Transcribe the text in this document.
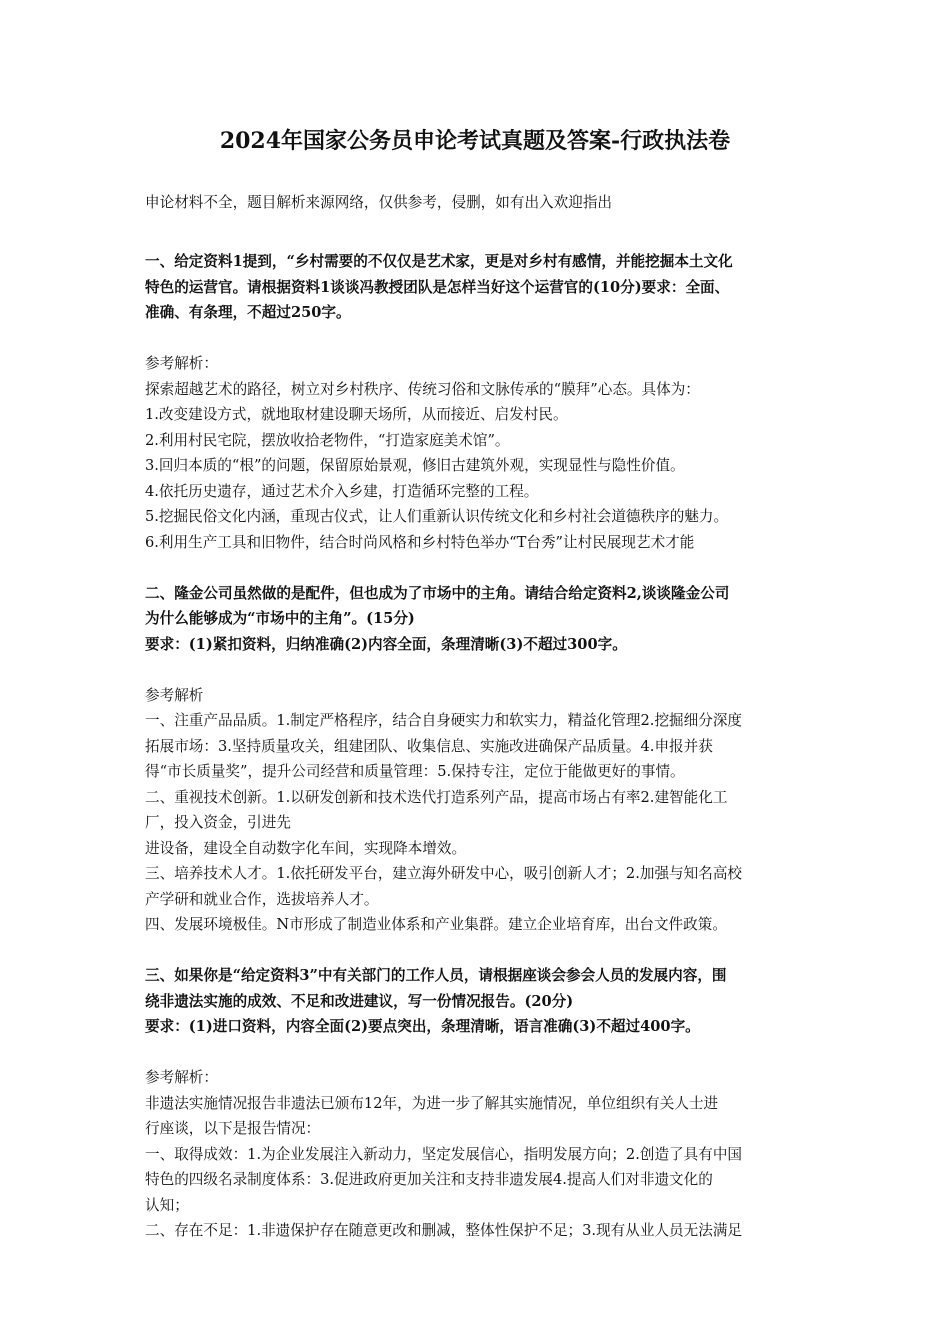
2024年国家公务员申论考试真题及答案-行政执法卷
申论材料不全，题目解析来源网络，仅供参考，侵删，如有出入欢迎指出
一、给定资料1提到，“乡村需要的不仅仅是艺术家，更是对乡村有感情，并能挖掘本土文化
特色的运营官。请根据资料1谈谈冯教授团队是怎样当好这个运营官的(10分)要求：全面、
准确、有条理，不超过250字。
参考解析：
探索超越艺术的路径，树立对乡村秩序、传统习俗和文脉传承的“膜拜”心态。具体为：
1.改变建设方式，就地取材建设聊天场所，从而接近、启发村民。
2.利用村民宅院，摆放收拾老物件，“打造家庭美术馆”。
3.回归本质的“根”的问题，保留原始景观，修旧古建筑外观，实现显性与隐性价值。
4.依托历史遗存，通过艺术介入乡建，打造循环完整的工程。
5.挖掘民俗文化内涵，重现古仪式，让人们重新认识传统文化和乡村社会道德秩序的魅力。
6.利用生产工具和旧物件，结合时尚风格和乡村特色举办“T台秀”让村民展现艺术才能
二、隆金公司虽然做的是配件，但也成为了市场中的主角。请结合给定资料2,谈谈隆金公司
为什么能够成为“市场中的主角”。(15分)
要求：(1)紧扣资料，归纳准确(2)内容全面，条理清晰(3)不超过300字。
参考解析
一、注重产品品质。1.制定严格程序，结合自身硬实力和软实力，精益化管理2.挖掘细分深度
拓展市场：3.坚持质量攻关，组建团队、收集信息、实施改进确保产品质量。4.申报并获
得“市长质量奖”，提升公司经营和质量管理：5.保持专注，定位于能做更好的事情。
二、重视技术创新。1.以研发创新和技术迭代打造系列产品，提高市场占有率2.建智能化工
厂，投入资金，引进先
进设备，建设全自动数字化车间，实现降本增效。
三、培养技术人才。1.依托研发平台，建立海外研发中心，吸引创新人才；2.加强与知名高校
产学研和就业合作，选拔培养人才。
四、发展环境极佳。N市形成了制造业体系和产业集群。建立企业培育库，出台文件政策。
三、如果你是“给定资料3”中有关部门的工作人员，请根据座谈会参会人员的发展内容，围
绕非遗法实施的成效、不足和改进建议，写一份情况报告。(20分)
要求：(1)进口资料，内容全面(2)要点突出，条理清晰，语言准确(3)不超过400字。
参考解析：
非遗法实施情况报告非遗法已颁布12年，为进一步了解其实施情况，单位组织有关人士进
行座谈，以下是报告情况：
一、取得成效：1.为企业发展注入新动力，坚定发展信心，指明发展方向；2.创造了具有中国
特色的四级名录制度体系：3.促进政府更加关注和支持非遗发展4.提高人们对非遗文化的
认知；
二、存在不足：1.非遗保护存在随意更改和删减，整体性保护不足；3.现有从业人员无法满足
